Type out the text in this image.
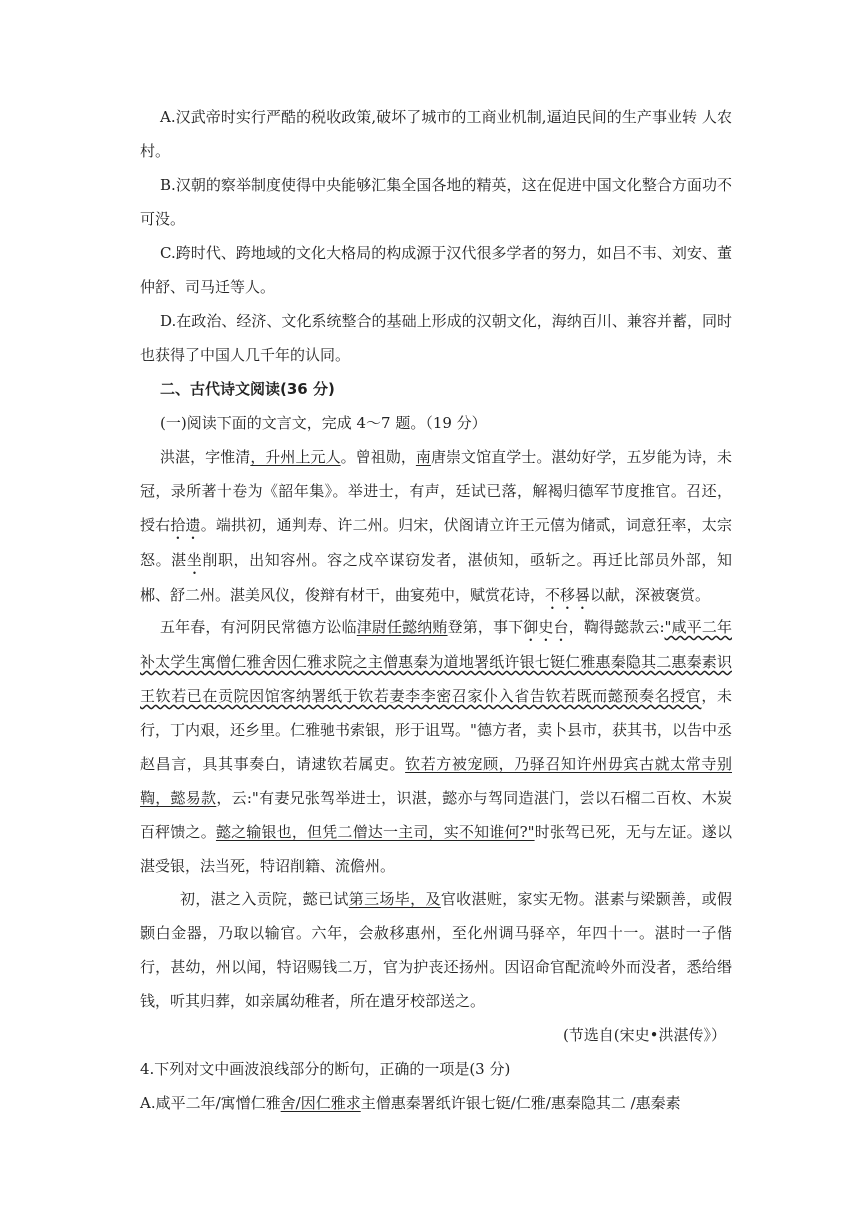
A.汉武帝时实行严酷的税收政策,破坏了城市的工商业机制,逼迫民间的生产事业转 人农村。

B.汉朝的察举制度使得中央能够汇集全国各地的精英，这在促进中国文化整合方面功不可没。

C.跨时代、跨地域的文化大格局的构成源于汉代很多学者的努力，如吕不韦、刘安、董仲舒、司马迁等人。

D.在政治、经济、文化系统整合的基础上形成的汉朝文化，海纳百川、兼容并蓄，同时也获得了中国人几千年的认同。

二、古代诗文阅读(36 分)

(一)阅读下面的文言文，完成 4〜7 题。（19 分）

洪湛，字惟清，升州上元人。曾祖勋，南唐崇文馆直学士。湛幼好学，五岁能为诗，未冠，录所著十卷为《韶年集》。举进士，有声，廷试已落，解褐归德军节度推官。召还，授右拾遗。端拱初，通判寿、许二州。归宋，伏阁请立许王元僖为储贰，词意狂率，太宗怒。湛坐削职，出知容州。容之戍卒谋窃发者，湛侦知，亟斩之。再迁比部员外部，知郴、舒二州。湛美风仪，俊辩有材干，曲宴苑中，赋赏花诗，不移晷以献，深被褒赏。

五年春，有河阴民常德方讼临津尉任懿纳贿登第，事下御史台，鞫得懿款云:"咸平二年补太学生寓僧仁雅舍因仁雅求院之主僧惠秦为道地署纸许银七铤仁雅惠秦隐其二惠秦素识王钦若已在贡院因馆客纳署纸于钦若妻李李密召家仆入省告钦若既而懿预奏名授官，未行，丁内艰，还乡里。仁雅驰书索银，形于诅骂。"德方者，卖卜县市，获其书，以告中丞赵昌言，具其事奏白，请逮钦若属吏。钦若方被宠顾，乃驿召知许州毋宾古就太常寺别鞫，懿易款，云:"有妻兄张驾举进士，识湛，懿亦与驾同造湛门，尝以石榴二百枚、木炭百秤馈之。懿之输银也，但凭二僧达一主司，实不知谁何?"时张驾已死，无与左证。遂以湛受银，法当死，特诏削籍、流儋州。

初，湛之入贡院，懿已试第三场毕，及官收湛赃，家实无物。湛素与梁颢善，或假颢白金器，乃取以输官。六年，会赦移惠州，至化州调马驿卒，年四十一。湛时一子偕行，甚幼，州以闻，特诏赐钱二万，官为护丧还扬州。因诏命官配流岭外而没者，悉给缗钱，听其归葬，如亲属幼稚者，所在遣牙校部送之。

(节选自(宋史•洪湛传》）

4.下列对文中画波浪线部分的断句，正确的一项是(3 分)

A.咸平二年/寓憎仁雅舍/因仁雅求主僧惠秦署纸许银七铤/仁雅/惠秦隐其二 /惠秦素
